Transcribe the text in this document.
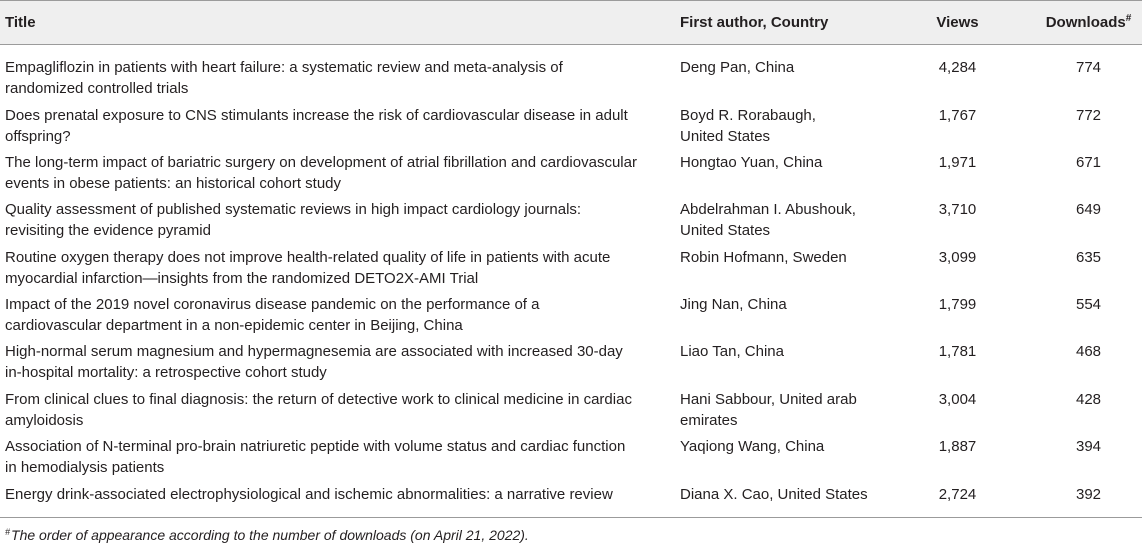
Title	First author, Country	Views	Downloads#

Empagliflozin in patients with heart failure: a systematic review and meta-analysis of
randomized controlled trials	Deng Pan, China	4,284	774

Does prenatal exposure to CNS stimulants increase the risk of cardiovascular disease in adult
offspring?	Boyd R. Rorabaugh,
United States	1,767	772

The long-term impact of bariatric surgery on development of atrial fibrillation and cardiovascular
events in obese patients: an historical cohort study	Hongtao Yuan, China	1,971	671

Quality assessment of published systematic reviews in high impact cardiology journals:
revisiting the evidence pyramid	Abdelrahman I. Abushouk,
United States	3,710	649

Routine oxygen therapy does not improve health-related quality of life in patients with acute
myocardial infarction—insights from the randomized DETO2X-AMI Trial	Robin Hofmann, Sweden	3,099	635

Impact of the 2019 novel coronavirus disease pandemic on the performance of a
cardiovascular department in a non-epidemic center in Beijing, China	Jing Nan, China	1,799	554

High-normal serum magnesium and hypermagnesemia are associated with increased 30-day
in-hospital mortality: a retrospective cohort study	Liao Tan, China	1,781	468

From clinical clues to final diagnosis: the return of detective work to clinical medicine in cardiac
amyloidosis	Hani Sabbour, United arab
emirates	3,004	428

Association of N-terminal pro-brain natriuretic peptide with volume status and cardiac function
in hemodialysis patients	Yaqiong Wang, China	1,887	394

Energy drink-associated electrophysiological and ischemic abnormalities: a narrative review	Diana X. Cao, United States	2,724	392
#The order of appearance according to the number of downloads (on April 21, 2022).
